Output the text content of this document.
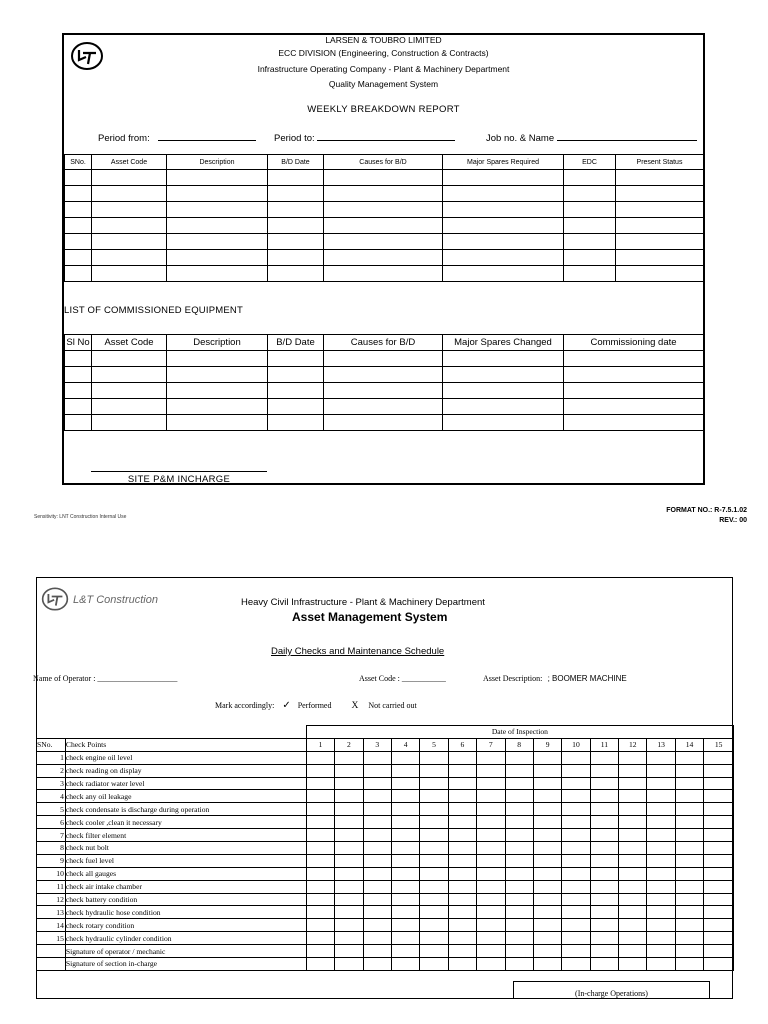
LARSEN & TOUBRO LIMITED
ECC DIVISION (Engineering, Construction & Contracts)
Infrastructure Operating Company - Plant & Machinery Department
Quality Management System
WEEKLY BREAKDOWN REPORT
Period from:	Period to:	Job no. & Name
SNo.	Asset Code	Description	B/D Date	Causes for B/D	Major Spares Required	EDC	Present Status

LIST OF COMMISSIONED EQUIPMENT
Sl No	Asset Code	Description	B/D Date	Causes for B/D	Major Spares Changed	Commissioning date

SITE P&M INCHARGE
Sensitivity: LNT Construction Internal Use
FORMAT NO.: R-7.5.1.02
REV.: 00
L&T Construction	Heavy Civil Infrastructure - Plant & Machinery Department
Asset Management System
Daily Checks and Maintenance Schedule
Name of Operator : ____________________	Asset Code : ___________	Asset Description: ; BOOMER MACHINE
Mark accordingly: ✓ Performed X Not carried out
		Date of Inspection														
SNo.	Check Points	1	2	3	4	5	6	7	8	9	10	11	12	13	14	15
1	check engine oil level															
2	check reading on display															
3	check radiator water level															
4	check any oil leakage															
5	check condensate is discharge during operation															
6	check cooler ,clean it necessary															
7	check filter element															
8	check nut bolt															
9	check fuel level															
10	check all gauges															
11	check air intake chamber															
12	check battery condition															
13	check hydraulic hose condition															
14	check rotary condition															
15	check hydraulic cylinder condition															
	Signature of operator / mechanic															
	Signature of section in-charge															
(In-charge Operations)
